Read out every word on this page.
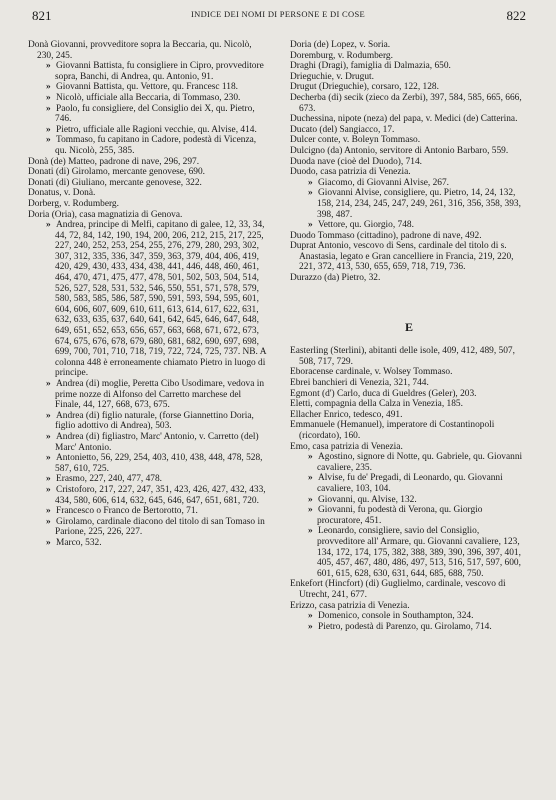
821	INDICE DEI NOMI DI PERSONE E DI COSE	822

Donà Giovanni, provveditore sopra la Beccaria, qu. Nicolò, 230, 245.

» Giovanni Battista, fu consigliere in Cipro, provveditore sopra, Banchi, di Andrea, qu. Antonio, 91.

» Giovanni Battista, qu. Vettore, qu. Francesc 118.

» Nicolò, ufficiale alla Beccaria, di Tommaso, 230.

» Paolo, fu consigliere, del Consiglio dei X, qu. Pietro, 746.

» Pietro, ufficiale alle Ragioni vecchie, qu. Alvise, 414.

» Tommaso, fu capitano in Cadore, podestà di Vicenza, qu. Nicolò, 255, 385.

Donà (de) Matteo, padrone di nave, 296, 297.

Donati (di) Girolamo, mercante genovese, 690.

Donati (di) Giuliano, mercante genovese, 322.

Donatus, v. Donà.

Dorberg, v. Rodumberg.

Doria (Oria), casa magnatizia di Genova.

» Andrea, principe di Melfi, capitano di galee, 12, 33, 34, 44, 72, 84, 142, 190, 194, 200, 206, 212, 215, 217, 225, 227, 240, 252, 253, 254, 255, 276, 279, 280, 293, 302, 307, 312, 335, 336, 347, 359, 363, 379, 404, 406, 419, 420, 429, 430, 433, 434, 438, 441, 446, 448, 460, 461, 464, 470, 471, 475, 477, 478, 501, 502, 503, 504, 514, 526, 527, 528, 531, 532, 546, 550, 551, 571, 578, 579, 580, 583, 585, 586, 587, 590, 591, 593, 594, 595, 601, 604, 606, 607, 609, 610, 611, 613, 614, 617, 622, 631, 632, 633, 635, 637, 640, 641, 642, 645, 646, 647, 648, 649, 651, 652, 653, 656, 657, 663, 668, 671, 672, 673, 674, 675, 676, 678, 679, 680, 681, 682, 690, 697, 698, 699, 700, 701, 710, 718, 719, 722, 724, 725, 737. NB. A colonna 448 è erroneamente chiamato Pietro in luogo di principe.

» Andrea (di) moglie, Peretta Cibo Usodimare, vedova in prime nozze di Alfonso del Carretto marchese del Finale, 44, 127, 668, 673, 675.

» Andrea (di) figlio naturale, (forse Giannettino Doria, figlio adottivo di Andrea), 503.

» Andrea (di) figliastro, Marc' Antonio, v. Carretto (del) Marc' Antonio.

» Antonietto, 56, 229, 254, 403, 410, 438, 448, 478, 528, 587, 610, 725.

» Erasmo, 227, 240, 477, 478.

» Cristoforo, 217, 227, 247, 351, 423, 426, 427, 432, 433, 434, 580, 606, 614, 632, 645, 646, 647, 651, 681, 720.

» Francesco o Franco de Bertorotto, 71.

» Girolamo, cardinale diacono del titolo di san Tomaso in Parione, 225, 226, 227.

» Marco, 532.

Doria (de) Lopez, v. Soria.

Doremburg, v. Rodumberg.

Draghi (Dragi), famiglia di Dalmazia, 650.

Drieguchie, v. Drugut.

Drugut (Drieguchie), corsaro, 122, 128.

Decherba (di) secik (zieco da Zerbi), 397, 584, 585, 665, 666, 673.

Duchessina, nipote (neza) del papa, v. Medici (de) Catterina.

Ducato (del) Sangiacco, 17.

Dulcer conte, v. Boleyn Tommaso.

Dulcigno (da) Antonio, servitore di Antonio Barbaro, 559.

Duoda nave (cioè del Duodo), 714.

Duodo, casa patrizia di Venezia.

» Giacomo, di Giovanni Alvise, 267.

» Giovanni Alvise, consigliere, qu. Pietro, 14, 24, 132, 158, 214, 234, 245, 247, 249, 261, 316, 356, 358, 393, 398, 487.

» Vettore, qu. Giorgio, 748.

Duodo Tommaso (cittadino), padrone di nave, 492.

Duprat Antonio, vescovo di Sens, cardinale del titolo di s. Anastasia, legato e Gran cancelliere in Francia, 219, 220, 221, 372, 413, 530, 655, 659, 718, 719, 736.

Durazzo (da) Pietro, 32.

E

Easterling (Sterlini), abitanti delle isole, 409, 412, 489, 507, 508, 717, 729.

Eboracense cardinale, v. Wolsey Tommaso.

Ebrei banchieri di Venezia, 321, 744.

Egmont (d') Carlo, duca di Gueldres (Geler), 203.

Eletti, compagnia della Calza in Venezia, 185.

Ellacher Enrico, tedesco, 491.

Emmanuele (Hemanuel), imperatore di Costantinopoli (ricordato), 160.

Emo, casa patrizia di Venezia.

» Agostino, signore di Notte, qu. Gabriele, qu. Giovanni cavaliere, 235.

» Alvise, fu de' Pregadi, di Leonardo, qu. Giovanni cavaliere, 103, 104.

» Giovanni, qu. Alvise, 132.

» Giovanni, fu podestà di Verona, qu. Giorgio procuratore, 451.

» Leonardo, consigliere, savio del Consiglio, provveditore all' Armare, qu. Giovanni cavaliere, 123, 134, 172, 174, 175, 382, 388, 389, 390, 396, 397, 401, 405, 457, 467, 480, 486, 497, 513, 516, 517, 597, 600, 601, 615, 628, 630, 631, 644, 685, 688, 750.

Enkefort (Hincfort) (di) Guglielmo, cardinale, vescovo di Utrecht, 241, 677.

Erizzo, casa patrizia di Venezia.

» Domenico, console in Southampton, 324.

» Pietro, podestà di Parenzo, qu. Girolamo, 714.
